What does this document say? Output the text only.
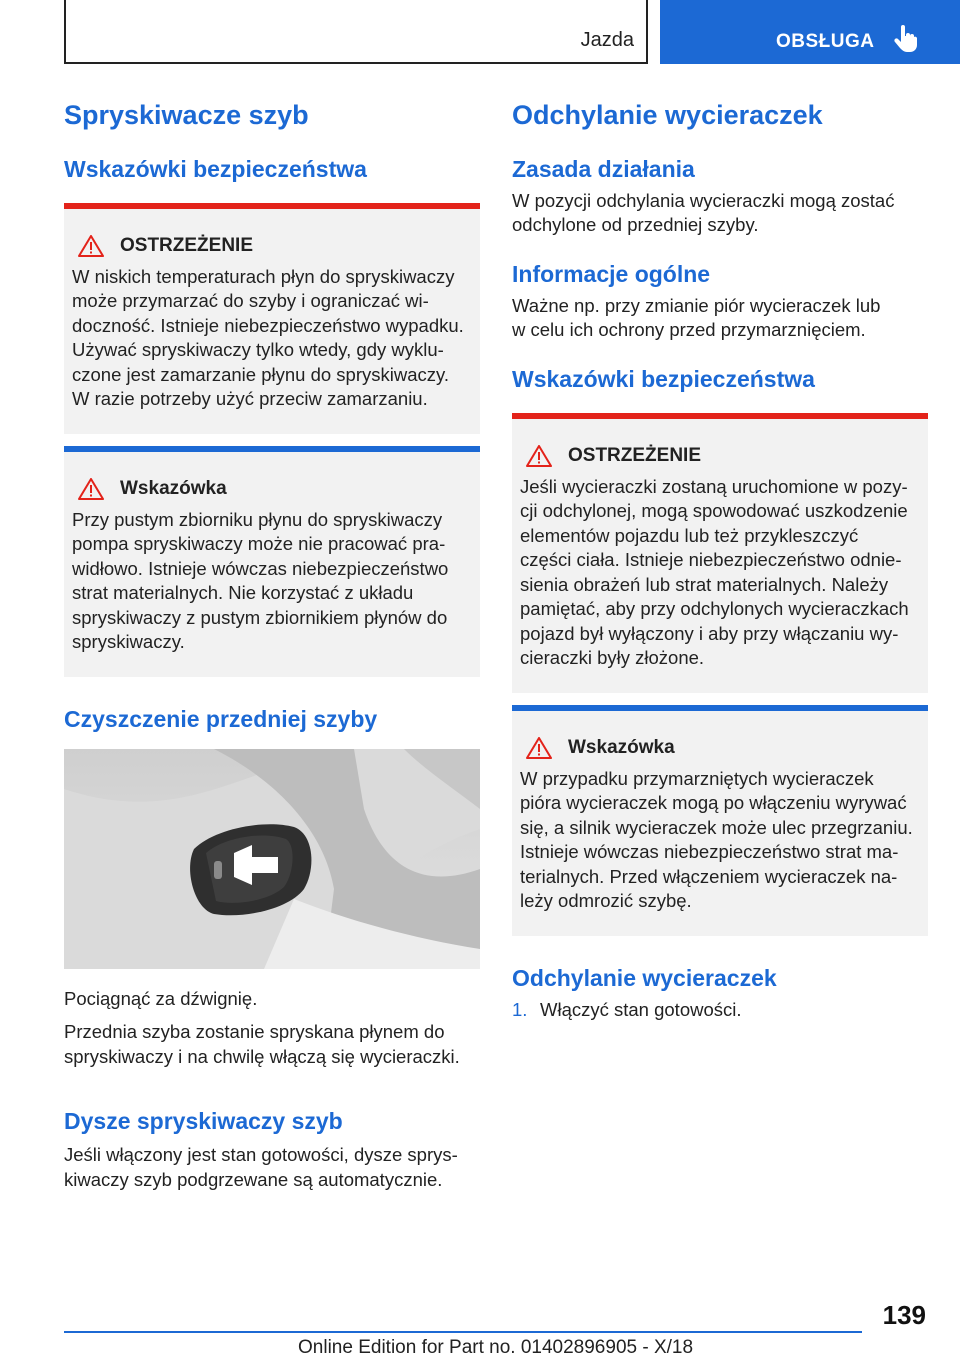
Jazda	OBSŁUGA
Spryskiwacze szyb
Wskazówki bezpieczeństwa
OSTRZEŻENIE

W niskich temperaturach płyn do spryskiwaczy
może przymarzać do szyby i ograniczać wi-
doczność. Istnieje niebezpieczeństwo wypadku.
Używać spryskiwaczy tylko wtedy, gdy wyklu-
czone jest zamarzanie płynu do spryskiwaczy.
W razie potrzeby użyć przeciw zamarzaniu.

Wskazówka

Przy pustym zbiorniku płynu do spryskiwaczy
pompa spryskiwaczy może nie pracować pra-
widłowo. Istnieje wówczas niebezpieczeństwo
strat materialnych. Nie korzystać z układu
spryskiwaczy z pustym zbiornikiem płynów do
spryskiwaczy.

Czyszczenie przedniej szyby

Pociągnąć za dźwignię.

Przednia szyba zostanie spryskana płynem do
spryskiwaczy i na chwilę włączą się wycieraczki.

Dysze spryskiwaczy szyb

Jeśli włączony jest stan gotowości, dysze sprys-
kiwaczy szyb podgrzewane są automatycznie.

Odchylanie wycieraczek
Zasada działania

W pozycji odchylania wycieraczki mogą zostać
odchylone od przedniej szyby.

Informacje ogólne

Ważne np. przy zmianie piór wycieraczek lub
w celu ich ochrony przed przymarznięciem.

Wskazówki bezpieczeństwa
OSTRZEŻENIE

Jeśli wycieraczki zostaną uruchomione w pozy-
cji odchylonej, mogą spowodować uszkodzenie
elementów pojazdu lub też przykleszczyć
części ciała. Istnieje niebezpieczeństwo odnie-
sienia obrażeń lub strat materialnych. Należy
pamiętać, aby przy odchylonych wycieraczkach
pojazd był wyłączony i aby przy włączaniu wy-
cieraczki były złożone.

Wskazówka

W przypadku przymarzniętych wycieraczek
pióra wycieraczek mogą po włączeniu wyrywać
się, a silnik wycieraczek może ulec przegrzaniu.
Istnieje wówczas niebezpieczeństwo strat ma-
terialnych. Przed włączeniem wycieraczek na-
leży odmrozić szybę.

Odchylanie wycieraczek
1. Włączyć stan gotowości.
139
Online Edition for Part no. 01402896905 - X/18
